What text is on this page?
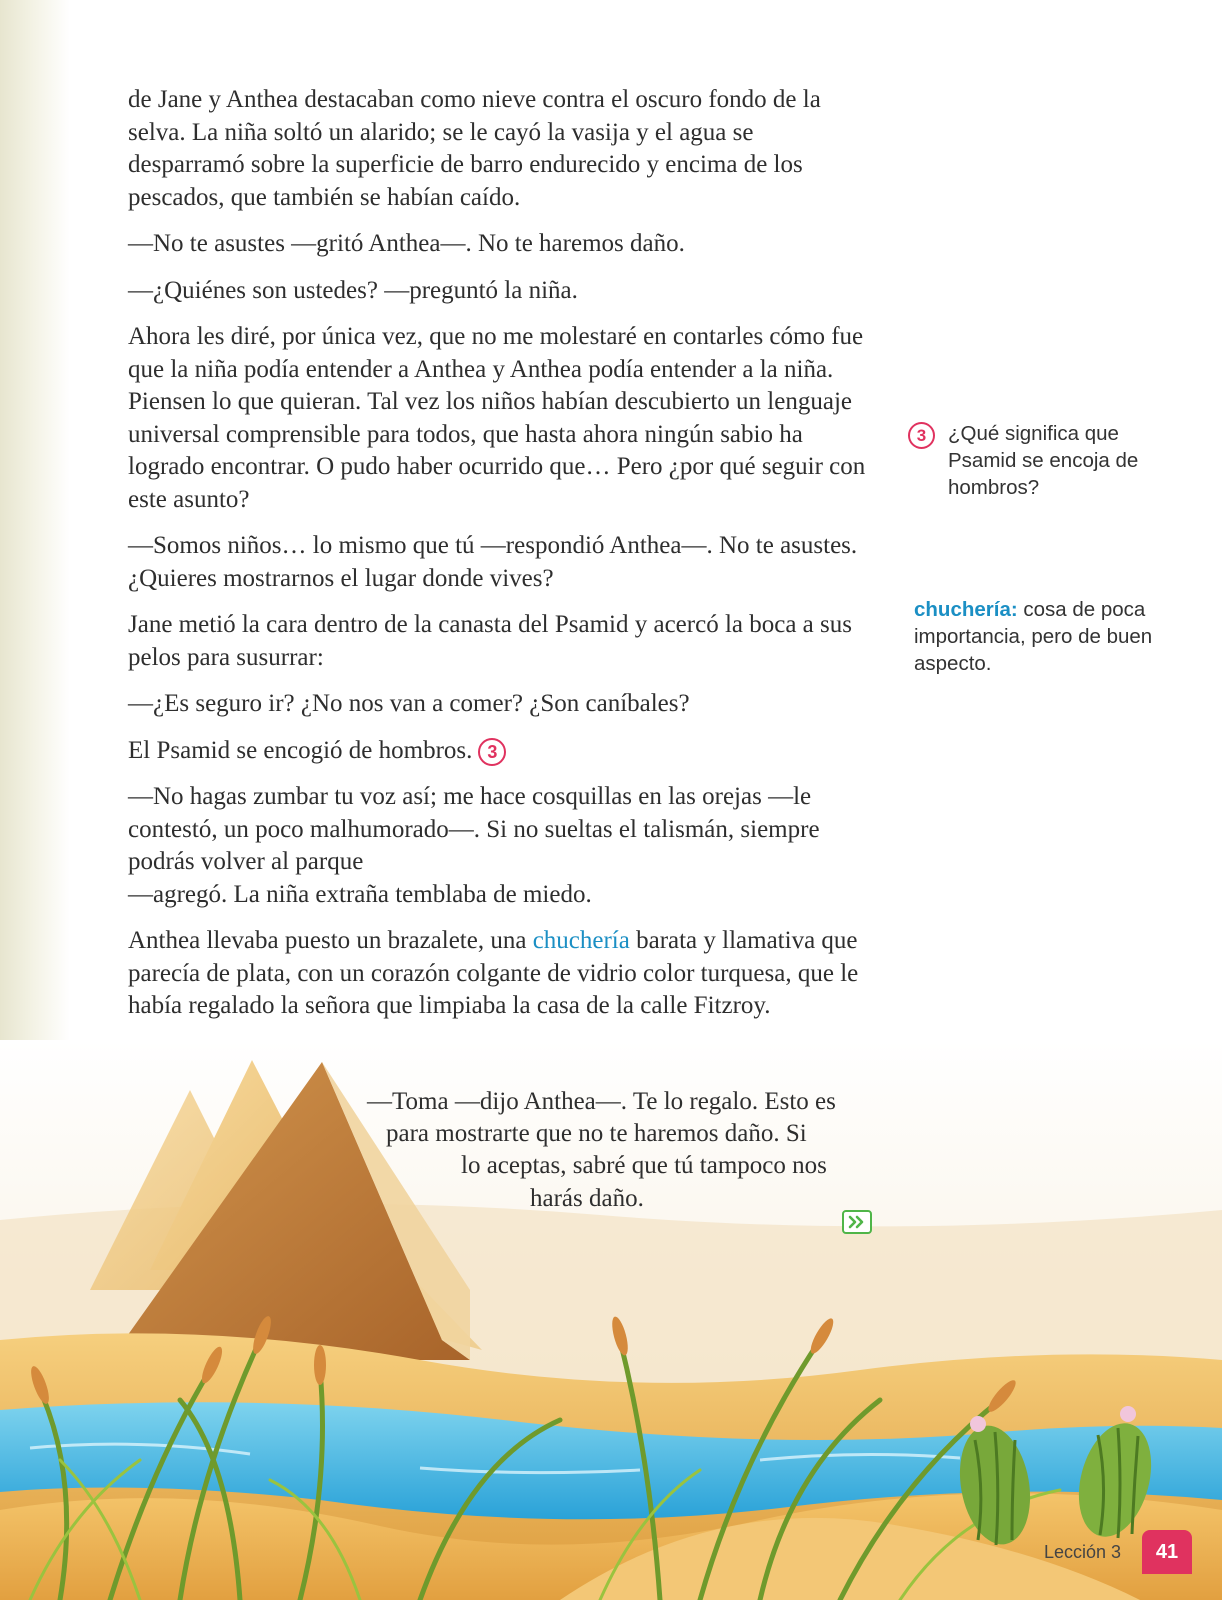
de Jane y Anthea destacaban como nieve contra el oscuro fondo de la selva. La niña soltó un alarido; se le cayó la vasija y el agua se desparramó sobre la superficie de barro endurecido y encima de los pescados, que también se habían caído.

—No te asustes —gritó Anthea—. No te haremos daño.

—¿Quiénes son ustedes? —preguntó la niña.

Ahora les diré, por única vez, que no me molestaré en contarles cómo fue que la niña podía entender a Anthea y Anthea podía entender a la niña. Piensen lo que quieran. Tal vez los niños habían descubierto un lenguaje universal comprensible para todos, que hasta ahora ningún sabio ha logrado encontrar. O pudo haber ocurrido que… Pero ¿por qué seguir con este asunto?

—Somos niños… lo mismo que tú —respondió Anthea—. No te asustes. ¿Quieres mostrarnos el lugar donde vives?

Jane metió la cara dentro de la canasta del Psamid y acercó la boca a sus pelos para susurrar:

—¿Es seguro ir? ¿No nos van a comer? ¿Son caníbales?

El Psamid se encogió de hombros. 3

—No hagas zumbar tu voz así; me hace cosquillas en las orejas —le contestó, un poco malhumorado—. Si no sueltas el talismán, siempre podrás volver al parque
—agregó. La niña extraña temblaba de miedo.

Anthea llevaba puesto un brazalete, una chuchería barata y llamativa que parecía de plata, con un corazón colgante de vidrio color turquesa, que le había regalado la señora que limpiaba la casa de la calle Fitzroy.

—Toma —dijo Anthea—. Te lo regalo. Esto es
para mostrarte que no te haremos daño. Si
lo aceptas, sabré que tú tampoco nos
harás daño.
3	¿Qué significa que Psamid se encoja de hombros?
chuchería: cosa de poca importancia, pero de buen aspecto.
Lección 3	41
